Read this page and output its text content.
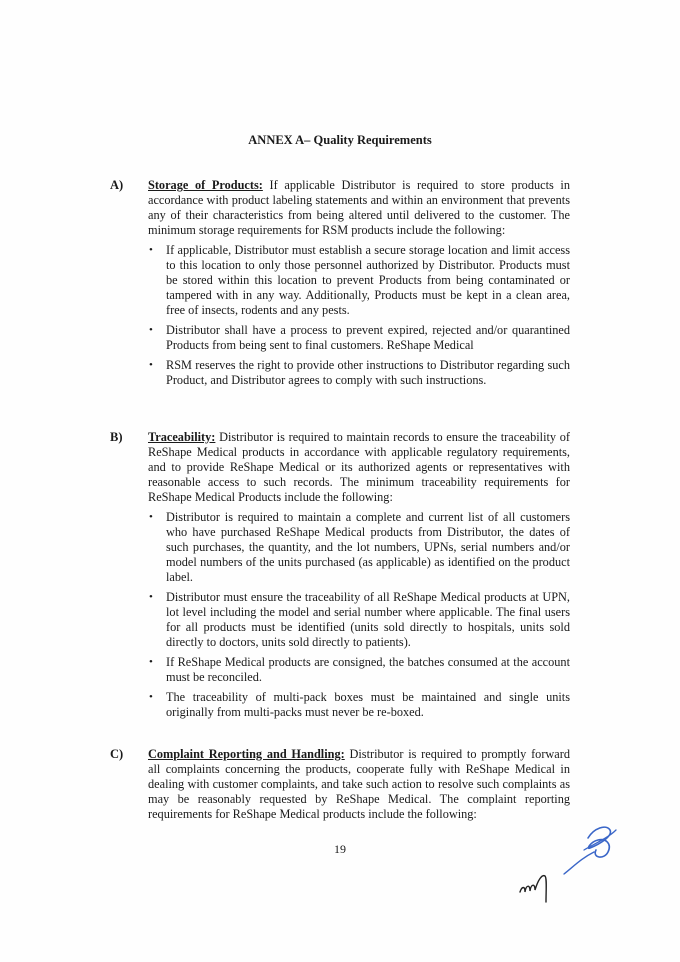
ANNEX A– Quality Requirements
A) Storage of Products: If applicable Distributor is required to store products in accordance with product labeling statements and within an environment that prevents any of their characteristics from being altered until delivered to the customer. The minimum storage requirements for RSM products include the following:
• If applicable, Distributor must establish a secure storage location and limit access to this location to only those personnel authorized by Distributor. Products must be stored within this location to prevent Products from being contaminated or tampered with in any way. Additionally, Products must be kept in a clean area, free of insects, rodents and any pests.
• Distributor shall have a process to prevent expired, rejected and/or quarantined Products from being sent to final customers. ReShape Medical
• RSM reserves the right to provide other instructions to Distributor regarding such Product, and Distributor agrees to comply with such instructions.
B) Traceability: Distributor is required to maintain records to ensure the traceability of ReShape Medical products in accordance with applicable regulatory requirements, and to provide ReShape Medical or its authorized agents or representatives with reasonable access to such records. The minimum traceability requirements for ReShape Medical Products include the following:
• Distributor is required to maintain a complete and current list of all customers who have purchased ReShape Medical products from Distributor, the dates of such purchases, the quantity, and the lot numbers, UPNs, serial numbers and/or model numbers of the units purchased (as applicable) as identified on the product label.
• Distributor must ensure the traceability of all ReShape Medical products at UPN, lot level including the model and serial number where applicable. The final users for all products must be identified (units sold directly to hospitals, units sold directly to doctors, units sold directly to patients).
• If ReShape Medical products are consigned, the batches consumed at the account must be reconciled.
• The traceability of multi-pack boxes must be maintained and single units originally from multi-packs must never be re-boxed.
C) Complaint Reporting and Handling: Distributor is required to promptly forward all complaints concerning the products, cooperate fully with ReShape Medical in dealing with customer complaints, and take such action to resolve such complaints as may be reasonably requested by ReShape Medical. The complaint reporting requirements for ReShape Medical products include the following:
19
